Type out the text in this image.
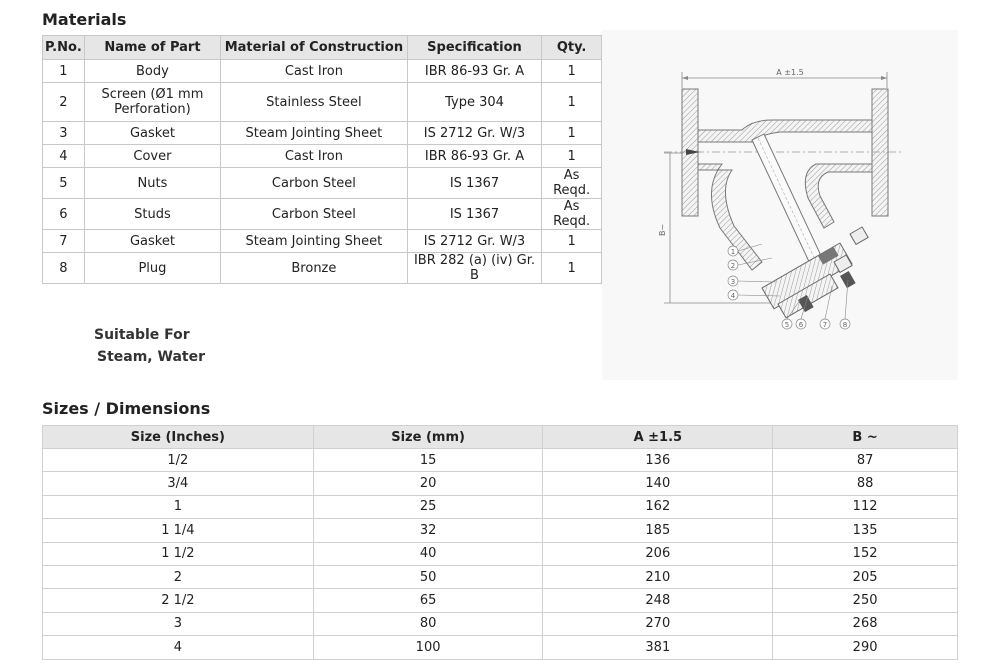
Materials
P.No.	Name of Part	Material of Construction	Specification	Qty.
1	Body	Cast Iron	IBR 86-93 Gr. A	1
2	Screen (Ø1 mm Perforation)	Stainless Steel	Type 304	1
3	Gasket	Steam Jointing Sheet	IS 2712 Gr. W/3	1
4	Cover	Cast Iron	IBR 86-93 Gr. A	1
5	Nuts	Carbon Steel	IS 1367	As Reqd.
6	Studs	Carbon Steel	IS 1367	As Reqd.
7	Gasket	Steam Jointing Sheet	IS 2712 Gr. W/3	1
8	Plug	Bronze	IBR 282 (a) (iv) Gr. B	1
Suitable For
Steam, Water
A ±1.5
B~
1
2
3
4
5 6	7 8
Sizes / Dimensions
Size (Inches)	Size (mm)	A ±1.5	B ~
1/2	15	136	87
3/4	20	140	88
1	25	162	112
1 1/4	32	185	135
1 1/2	40	206	152
2	50	210	205
2 1/2	65	248	250
3	80	270	268
4	100	381	290
